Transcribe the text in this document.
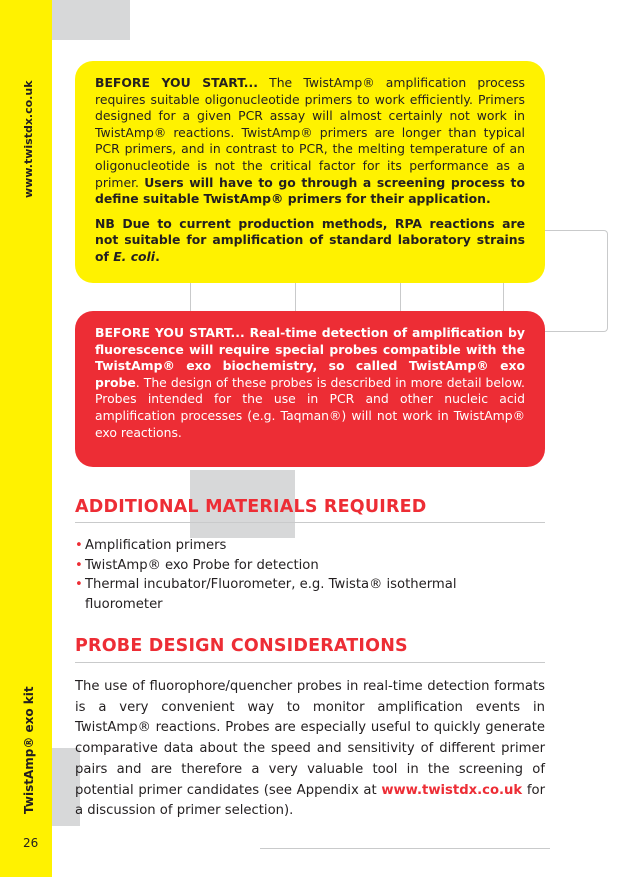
www.twistdx.co.uk
TwistAmp® exo kit
26

BEFORE YOU START... The TwistAmp® amplification process requires suitable oligonucleotide primers to work efficiently. Primers designed for a given PCR assay will almost certainly not work in TwistAmp® reactions. TwistAmp® primers are longer than typical PCR primers, and in contrast to PCR, the melting temperature of an oligonucleotide is not the critical factor for its performance as a primer. Users will have to go through a screening process to define suitable TwistAmp® primers for their application.

NB Due to current production methods, RPA reactions are not suitable for amplification of standard laboratory strains of E. coli.

BEFORE YOU START... Real-time detection of amplification by fluorescence will require special probes compatible with the TwistAmp® exo biochemistry, so called TwistAmp® exo probe. The design of these probes is described in more detail below. Probes intended for the use in PCR and other nucleic acid amplification processes (e.g. Taqman®) will not work in TwistAmp® exo reactions.

ADDITIONAL MATERIALS REQUIRED
• Amplification primers
• TwistAmp® exo Probe for detection
• Thermal incubator/Fluorometer, e.g. Twista® isothermal fluorometer
PROBE DESIGN CONSIDERATIONS

The use of fluorophore/quencher probes in real-time detection formats is a very convenient way to monitor amplification events in TwistAmp® reactions. Probes are especially useful to quickly generate comparative data about the speed and sensitivity of different primer pairs and are therefore a very valuable tool in the screening of potential primer candidates (see Appendix at www.twistdx.co.uk for a discussion of primer selection).
